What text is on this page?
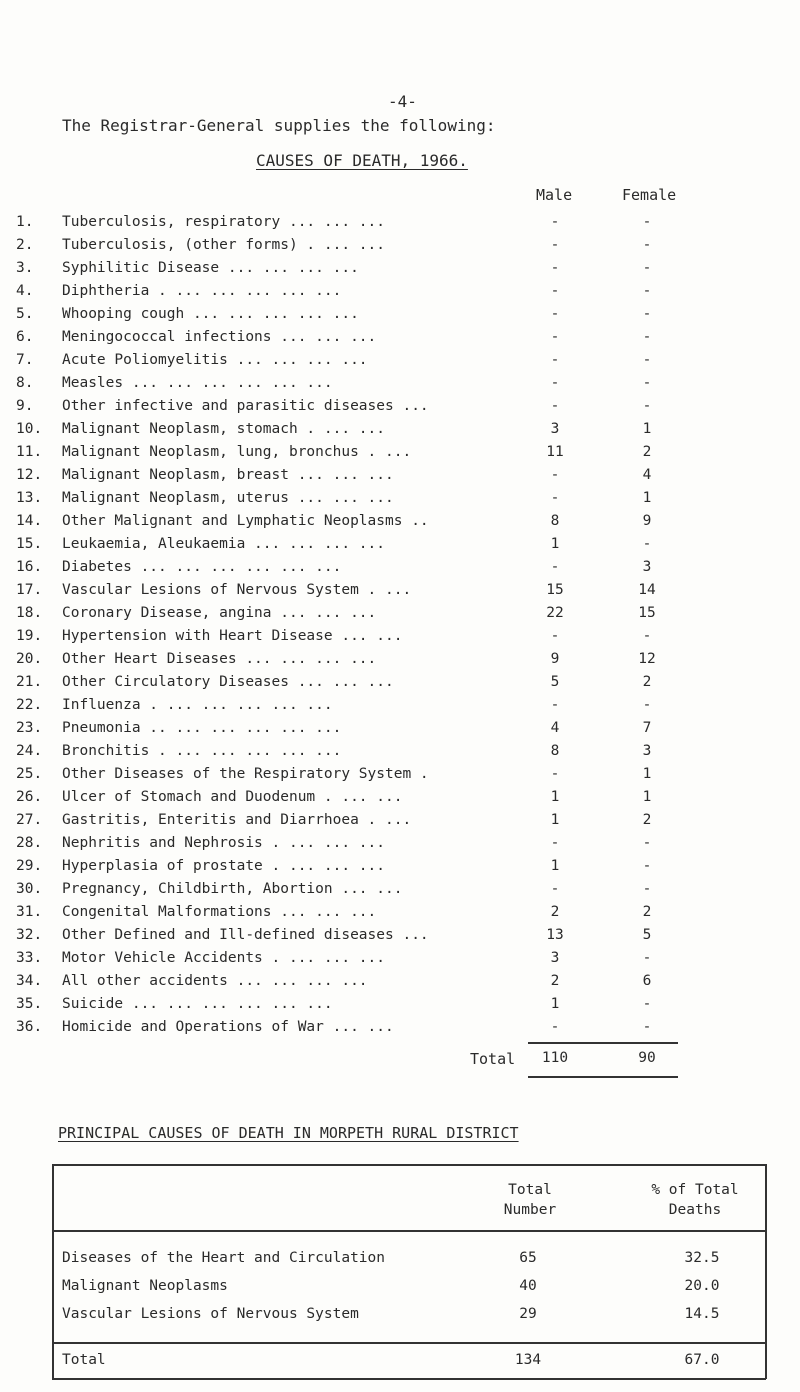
-4-
The Registrar-General supplies the following:
CAUSES OF DEATH, 1966.
Male	Female
1. Tuberculosis, respiratory ... ... ...	-	-
2. Tuberculosis, (other forms) . ... ...	-	-
3. Syphilitic Disease ... ... ... ...	-	-
4. Diphtheria . ... ... ... ... ...	-	-
5. Whooping cough ... ... ... ... ...	-	-
6. Meningococcal infections ... ... ...	-	-
7. Acute Poliomyelitis ... ... ... ...	-	-
8. Measles ... ... ... ... ... ...	-	-
9. Other infective and parasitic diseases ...	-	-
10. Malignant Neoplasm, stomach . ... ...	3	1
11. Malignant Neoplasm, lung, bronchus . ...	11	2
12. Malignant Neoplasm, breast ... ... ...	-	4
13. Malignant Neoplasm, uterus ... ... ...	-	1
14. Other Malignant and Lymphatic Neoplasms ..	8	9
15. Leukaemia, Aleukaemia ... ... ... ...	1	-
16. Diabetes ... ... ... ... ... ...	-	3
17. Vascular Lesions of Nervous System . ...	15	14
18. Coronary Disease, angina ... ... ...	22	15
19. Hypertension with Heart Disease ... ...	-	-
20. Other Heart Diseases ... ... ... ...	9	12
21. Other Circulatory Diseases ... ... ...	5	2
22. Influenza . ... ... ... ... ...	-	-
23. Pneumonia .. ... ... ... ... ...	4	7
24. Bronchitis . ... ... ... ... ...	8	3
25. Other Diseases of the Respiratory System .	-	1
26. Ulcer of Stomach and Duodenum . ... ...	1	1
27. Gastritis, Enteritis and Diarrhoea . ...	1	2
28. Nephritis and Nephrosis . ... ... ...	-	-
29. Hyperplasia of prostate . ... ... ...	1	-
30. Pregnancy, Childbirth, Abortion ... ...	-	-
31. Congenital Malformations ... ... ...	2	2
32. Other Defined and Ill-defined diseases ...	13	5
33. Motor Vehicle Accidents . ... ... ...	3	-
34. All other accidents ... ... ... ...	2	6
35. Suicide ... ... ... ... ... ...	1	-
36. Homicide and Operations of War ... ...	-	-
Total	110	90
PRINCIPAL CAUSES OF DEATH IN MORPETH RURAL DISTRICT
Total
Number
% of Total
Deaths
Diseases of the Heart and Circulation	65	32.5
Malignant Neoplasms	40	20.0
Vascular Lesions of Nervous System	29	14.5
Total	134	67.0
